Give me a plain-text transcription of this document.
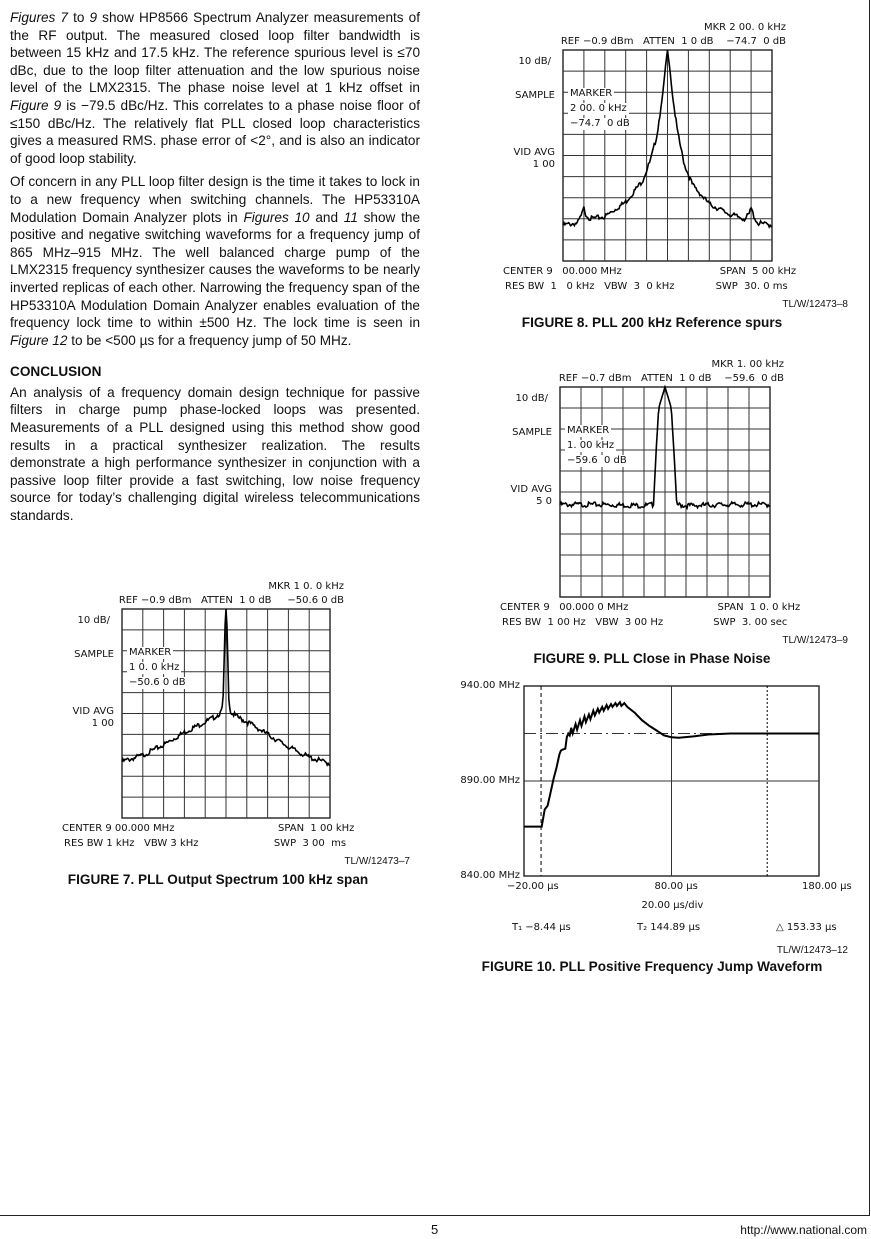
Figures 7 to 9 show HP8566 Spectrum Analyzer measurements of the RF output. The measured closed loop filter bandwidth is between 15 kHz and 17.5 kHz. The reference spurious level is ≤70 dBc, due to the loop filter attenuation and the low spurious noise level of the LMX2315. The phase noise level at 1 kHz offset in Figure 9 is −79.5 dBc/Hz. This correlates to a phase noise floor of ≤150 dBc/Hz. The relatively flat PLL closed loop characteristics gives a measured RMS. phase error of <2°, and is also an indicator of good loop stability.

Of concern in any PLL loop filter design is the time it takes to lock in to a new frequency when switching channels. The HP53310A Modulation Domain Analyzer plots in Figures 10 and 11 show the positive and negative switching waveforms for a frequency jump of 865 MHz–915 MHz. The well balanced charge pump of the LMX2315 frequency synthesizer causes the waveforms to be nearly inverted replicas of each other. Narrowing the frequency span of the HP53310A Modulation Domain Analyzer enables evaluation of the frequency lock time to within ±500 Hz. The lock time is seen in Figure 12 to be <500 µs for a frequency jump of 50 MHz.

CONCLUSION

An analysis of a frequency domain design technique for passive filters in charge pump phase-locked loops was presented. Measurements of a PLL designed using this method show good results in a practical synthesizer realization. The results demonstrate a high performance synthesizer in conjunction with a passive loop filter provide a fast switching, low noise frequency source for today’s challenging digital wireless telecommunications standards.

MKR 1 0. 0 kHz
REF −0.9 dBm   ATTEN  1 0 dB     −50.6 0 dB
10 dB/
SAMPLE
VID AVG
1 00
MARKER
1 0. 0 kHz
−50.6 0 dB
CENTER 9 00.000 MHz	SPAN  1 00 kHz
RES BW 1 kHz   VBW 3 kHz	SWP  3 00  ms
TL/W/12473–7
FIGURE 7. PLL Output Spectrum 100 kHz span
MKR 2 00. 0 kHz
REF −0.9 dBm   ATTEN  1 0 dB    −74.7  0 dB
10 dB/
SAMPLE
VID AVG
1 00
MARKER
2 00. 0 kHz
−74.7  0 dB
CENTER 9   00.000 MHz	SPAN  5 00 kHz
RES BW  1   0 kHz   VBW  3  0 kHz	SWP  30. 0 ms
TL/W/12473–8
FIGURE 8. PLL 200 kHz Reference spurs
MKR 1. 00 kHz
REF −0.7 dBm   ATTEN  1 0 dB    −59.6  0 dB
10 dB/
SAMPLE
VID AVG
5 0
MARKER
1. 00 kHz
−59.6  0 dB
CENTER 9   00.000 0 MHz	SPAN  1 0. 0 kHz
RES BW  1 00 Hz   VBW  3 00 Hz	SWP  3. 00 sec
TL/W/12473–9
FIGURE 9. PLL Close in Phase Noise
940.00 MHz
890.00 MHz
840.00 MHz
−20.00 µs	80.00 µs	180.00 µs
20.00 µs/div
T₁ −8.44 µs	T₂ 144.89 µs	△ 153.33 µs
TL/W/12473–12
FIGURE 10. PLL Positive Frequency Jump Waveform
5	http://www.national.com
